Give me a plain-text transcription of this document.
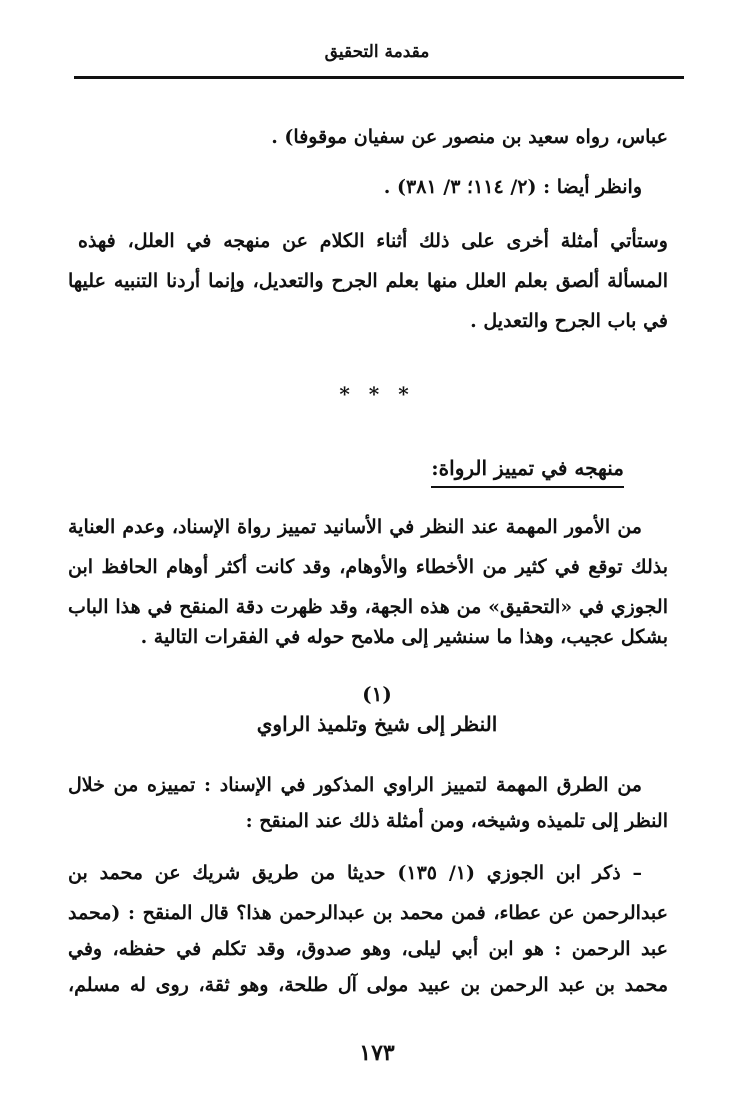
مقدمة التحقيق
عباس، رواه سعيد بن منصور عن سفيان موقوفا) .
وانظر أيضا : (٢/ ١١٤؛ ٣/ ٣٨١) .
وستأتي أمثلة أخرى على ذلك أثناء الكلام عن منهجه في العلل، فهذه
المسألة ألصق بعلم العلل منها بعلم الجرح والتعديل، وإنما أردنا التنبيه عليها
في باب الجرح والتعديل .
* * *
منهجه في تمييز الرواة:
من الأمور المهمة عند النظر في الأسانيد تمييز رواة الإسناد، وعدم العناية
بذلك توقع في كثير من الأخطاء والأوهام، وقد كانت أكثر أوهام الحافظ ابن
الجوزي في «التحقيق» من هذه الجهة، وقد ظهرت دقة المنقح في هذا الباب
بشكل عجيب، وهذا ما سنشير إلى ملامح حوله في الفقرات التالية .
(١)
النظر إلى شيخ وتلميذ الراوي
من الطرق المهمة لتمييز الراوي المذكور في الإسناد : تمييزه من خلال
النظر إلى تلميذه وشيخه، ومن أمثلة ذلك عند المنقح :
– ذكر ابن الجوزي (١/ ١٣٥) حديثا من طريق شريك عن محمد بن
عبدالرحمن عن عطاء، فمن محمد بن عبدالرحمن هذا؟ قال المنقح : (محمد
عبد الرحمن : هو ابن أبي ليلى، وهو صدوق، وقد تكلم في حفظه، وفي
محمد بن عبد الرحمن بن عبيد مولى آل طلحة، وهو ثقة، روى له مسلم،
١٧٣
